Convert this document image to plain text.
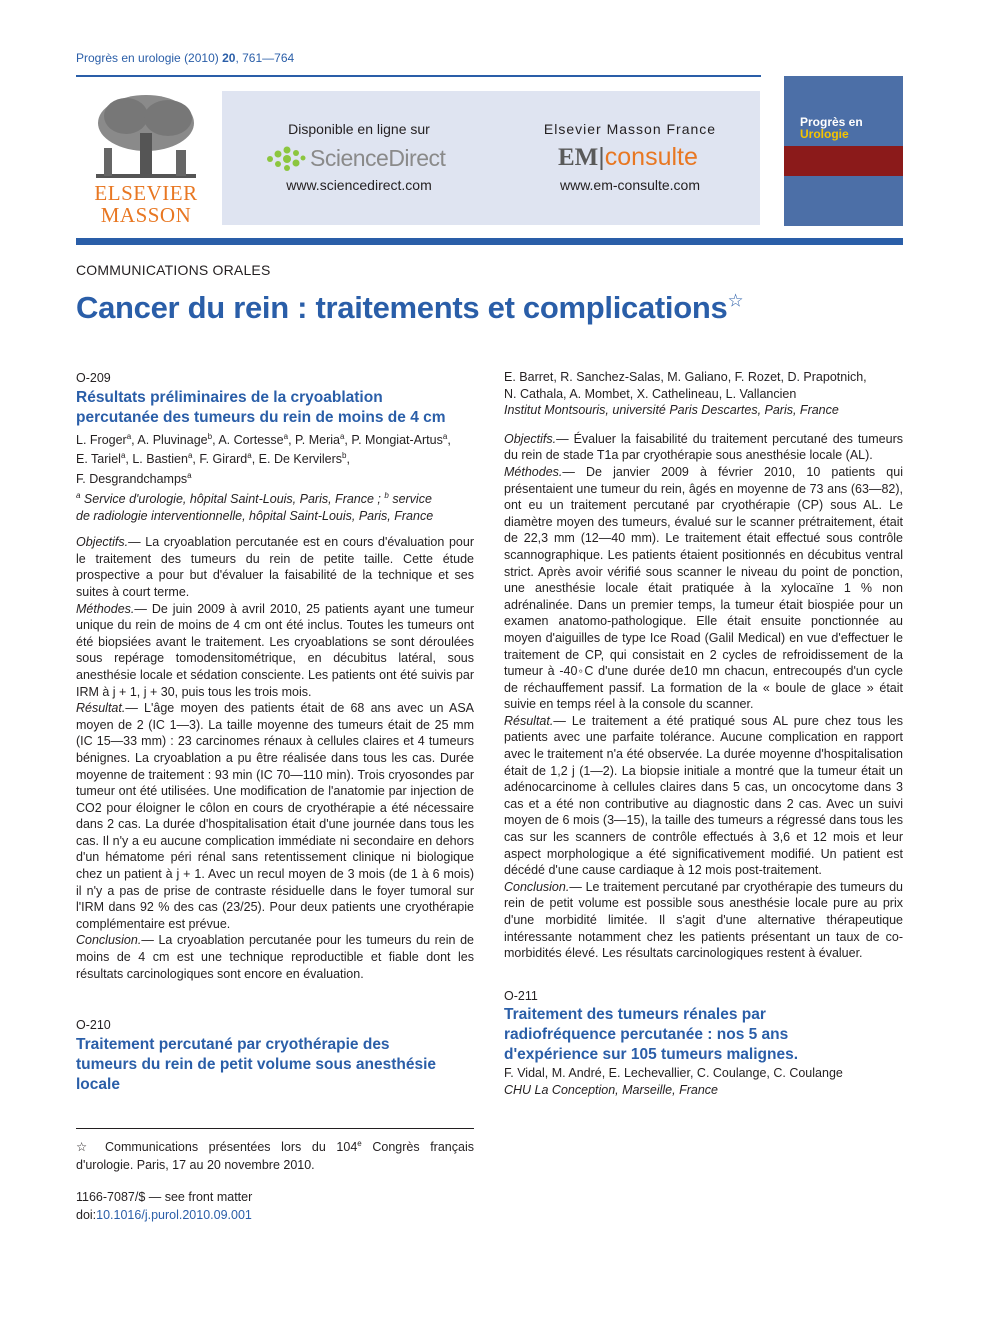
Progrès en urologie (2010) 20, 761—764
ELSEVIER MASSON
Disponible en ligne sur
ScienceDirect
www.sciencedirect.com
Elsevier Masson France
EM|consulte
www.em-consulte.com
Progrès en
Urologie
COMMUNICATIONS ORALES
Cancer du rein : traitements et complications☆

O-209

Résultats préliminaires de la cryoablation
percutanée des tumeurs du rein de moins de 4 cm

L. Froger$^a$, A. Pluvinage$^b$, A. Cortesse$^a$, P. Meria$^a$, P. Mongiat-Artus$^a$,
E. Tariel$^a$, L. Bastien$^a$, F. Girard$^a$, E. De Kervilers$^b$,
F. Desgrandchamps$^a$

$^a$ Service d'urologie, hôpital Saint-Louis, Paris, France ; $^b$ service
de radiologie interventionnelle, hôpital Saint-Louis, Paris, France

Objectifs.— La cryoablation percutanée est en cours d'évaluation pour le traitement des tumeurs du rein de petite taille. Cette étude prospective a pour but d'évaluer la faisabilité de la technique et ses suites à court terme.

Méthodes.— De juin 2009 à avril 2010, 25 patients ayant une tumeur unique du rein de moins de 4 cm ont été inclus. Toutes les tumeurs ont été biopsiées avant le traitement. Les cryoablations se sont déroulées sous repérage tomodensitométrique, en décubitus latéral, sous anesthésie locale et sédation consciente. Les patients ont été suivis par IRM à j + 1, j + 30, puis tous les trois mois.

Résultat.— L'âge moyen des patients était de 68 ans avec un ASA moyen de 2 (IC 1—3). La taille moyenne des tumeurs était de 25 mm (IC 15—33 mm) : 23 carcinomes rénaux à cellules claires et 4 tumeurs bénignes. La cryoablation a pu être réalisée dans tous les cas. Durée moyenne de traitement : 93 min (IC 70—110 min). Trois cryosondes par tumeur ont été utilisées. Une modification de l'anatomie par injection de CO2 pour éloigner le côlon en cours de cryothérapie a été nécessaire dans 2 cas. La durée d'hospitalisation était d'une journée dans tous les cas. Il n'y a eu aucune complication immédiate ni secondaire en dehors d'un hématome péri rénal sans retentissement clinique ni biologique chez un patient à j + 1. Avec un recul moyen de 3 mois (de 1 à 6 mois) il n'y a pas de prise de contraste résiduelle dans le foyer tumoral sur l'IRM dans 92 % des cas (23/25). Pour deux patients une cryothérapie complémentaire est prévue.

Conclusion.— La cryoablation percutanée pour les tumeurs du rein de moins de 4 cm est une technique reproductible et fiable dont les résultats carcinologiques sont encore en évaluation.

O-210

Traitement percutané par cryothérapie des
tumeurs du rein de petit volume sous anesthésie
locale
☆ Communications présentées lors du 104e Congrès français d'urologie. Paris, 17 au 20 novembre 2010.
1166-7087/$ — see front matter
doi:10.1016/j.purol.2010.09.001

E. Barret, R. Sanchez-Salas, M. Galiano, F. Rozet, D. Prapotnich,
N. Cathala, A. Mombet, X. Cathelineau, L. Vallancien

Institut Montsouris, université Paris Descartes, Paris, France

Objectifs.— Évaluer la faisabilité du traitement percutané des tumeurs du rein de stade T1a par cryothérapie sous anesthésie locale (AL).

Méthodes.— De janvier 2009 à février 2010, 10 patients qui présentaient une tumeur du rein, âgés en moyenne de 73 ans (63—82), ont eu un traitement percutané par cryothérapie (CP) sous AL. Le diamètre moyen des tumeurs, évalué sur le scanner prétraitement, était de 22,3 mm (12—40 mm). Le traitement était effectué sous contrôle scannographique. Les patients étaient positionnés en décubitus ventral strict. Après avoir vérifié sous scanner le niveau du point de ponction, une anesthésie locale était pratiquée à la xylocaïne 1 % non adrénalinée. Dans un premier temps, la tumeur était biospiée pour un examen anatomo-pathologique. Elle était ensuite ponctionnée au moyen d'aiguilles de type Ice Road (Galil Medical) en vue d'effectuer le traitement de CP, qui consistait en 2 cycles de refroidissement de la tumeur à -40◦C d'une durée de10 mn chacun, entrecoupés d'un cycle de réchauffement passif. La formation de la « boule de glace » était suivie en temps réel à la console du scanner.

Résultat.— Le traitement a été pratiqué sous AL pure chez tous les patients avec une parfaite tolérance. Aucune complication en rapport avec le traitement n'a été observée. La durée moyenne d'hospitalisation était de 1,2 j (1—2). La biopsie initiale a montré que la tumeur était un adénocarcinome à cellules claires dans 5 cas, un oncocytome dans 3 cas et a été non contributive au diagnostic dans 2 cas. Avec un suivi moyen de 6 mois (3—15), la taille des tumeurs a régressé dans tous les cas sur les scanners de contrôle effectués à 3,6 et 12 mois et leur aspect morphologique a été significativement modifié. Un patient est décédé d'une cause cardiaque à 12 mois post-traitement.

Conclusion.— Le traitement percutané par cryothérapie des tumeurs du rein de petit volume est possible sous anesthésie locale pure au prix d'une morbidité limitée. Il s'agit d'une alternative thérapeutique intéressante notamment chez les patients présentant un taux de co-morbidités élevé. Les résultats carcinologiques restent à évaluer.

O-211

Traitement des tumeurs rénales par
radiofréquence percutanée : nos 5 ans
d'expérience sur 105 tumeurs malignes.

F. Vidal, M. André, E. Lechevallier, C. Coulange, C. Coulange

CHU La Conception, Marseille, France
